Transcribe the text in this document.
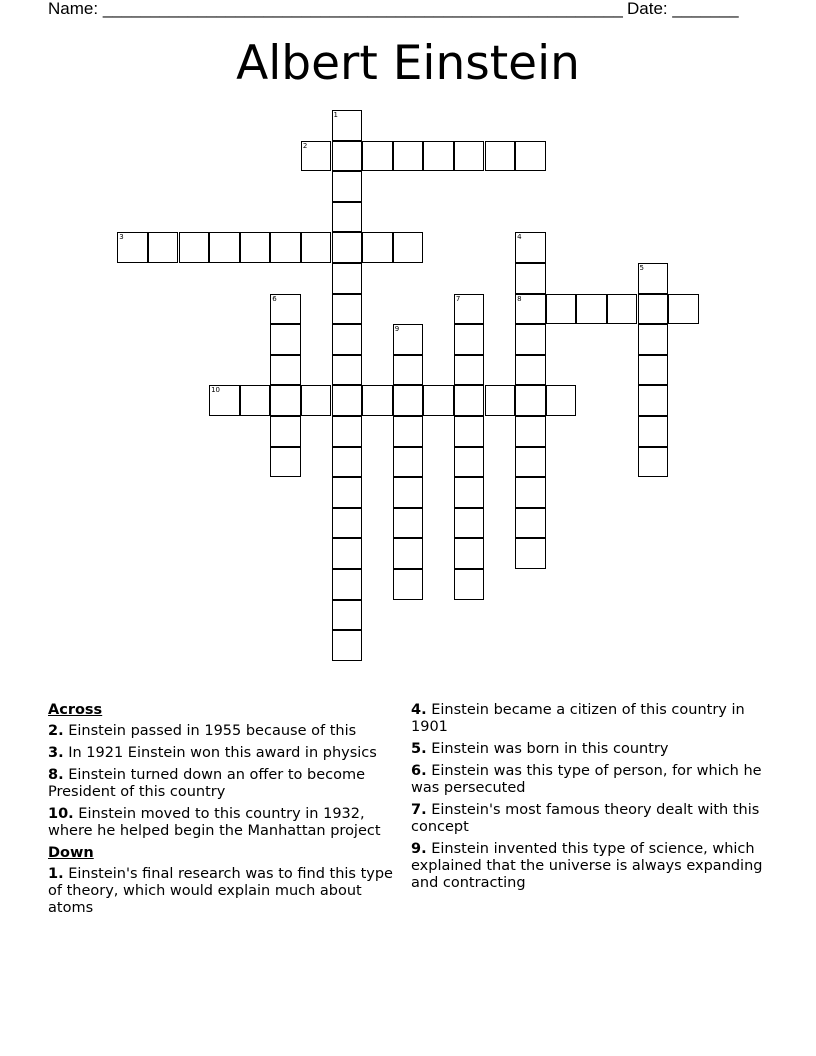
Name: _______________________________________________________ Date: _______
Albert Einstein
1
2
3	4
8
5
6	7
9
10
Across
2. Einstein passed in 1955 because of this
3. In 1921 Einstein won this award in physics
8. Einstein turned down an offer to become President of this country
10. Einstein moved to this country in 1932, where he helped begin the Manhattan project
Down
1. Einstein's final research was to find this type of theory, which would explain much about atoms
4. Einstein became a citizen of this country in 1901
5. Einstein was born in this country
6. Einstein was this type of person, for which he was persecuted
7. Einstein's most famous theory dealt with this concept
9. Einstein invented this type of science, which explained that the universe is always expanding and contracting
